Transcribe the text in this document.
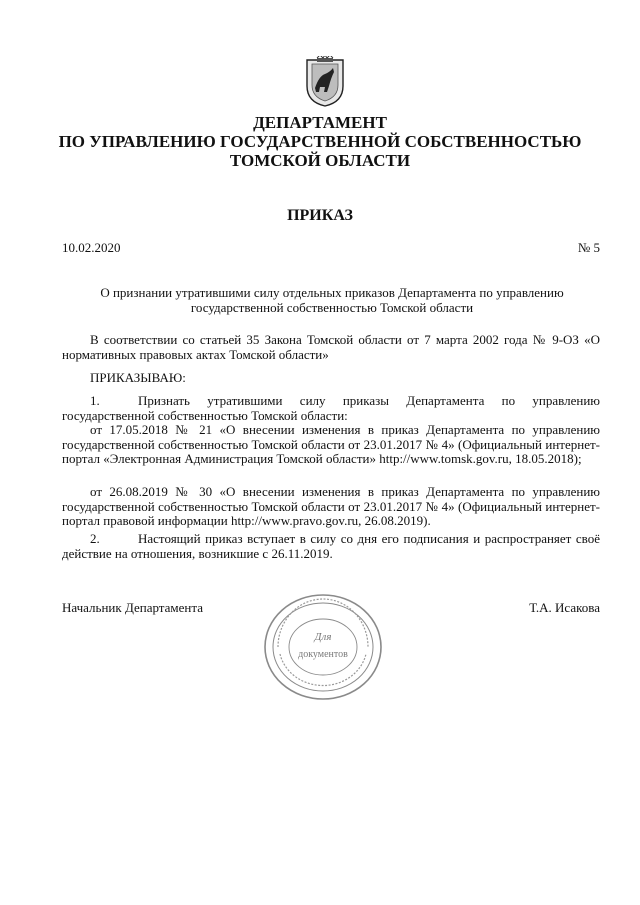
ДЕПАРТАМЕНТ
ПО УПРАВЛЕНИЮ ГОСУДАРСТВЕННОЙ СОБСТВЕННОСТЬЮ
ТОМСКОЙ ОБЛАСТИ
ПРИКАЗ
10.02.2020	№ 5
О признании утратившими силу отдельных приказов Департамента по управлению государственной собственностью Томской области
В соответствии со статьей 35 Закона Томской области от 7 марта 2002 года № 9-ОЗ «О нормативных правовых актах Томской области»
ПРИКАЗЫВАЮ:
1.	Признать утратившими силу приказы Департамента по управлению государственной собственностью Томской области:
от 17.05.2018 № 21 «О внесении изменения в приказ Департамента по управлению государственной собственностью Томской области от 23.01.2017 № 4» (Официальный интернет-портал «Электронная Администрация Томской области» http://www.tomsk.gov.ru, 18.05.2018);
от 26.08.2019 № 30 «О внесении изменения в приказ Департамента по управлению государственной собственностью Томской области от 23.01.2017 № 4» (Официальный интернет-портал правовой информации http://www.pravo.gov.ru, 26.08.2019).
2.	Настоящий приказ вступает в силу со дня его подписания и распространяет своё действие на отношения, возникшие с 26.11.2019.
Начальник Департамента	Т.А. Исакова
Для
документов
